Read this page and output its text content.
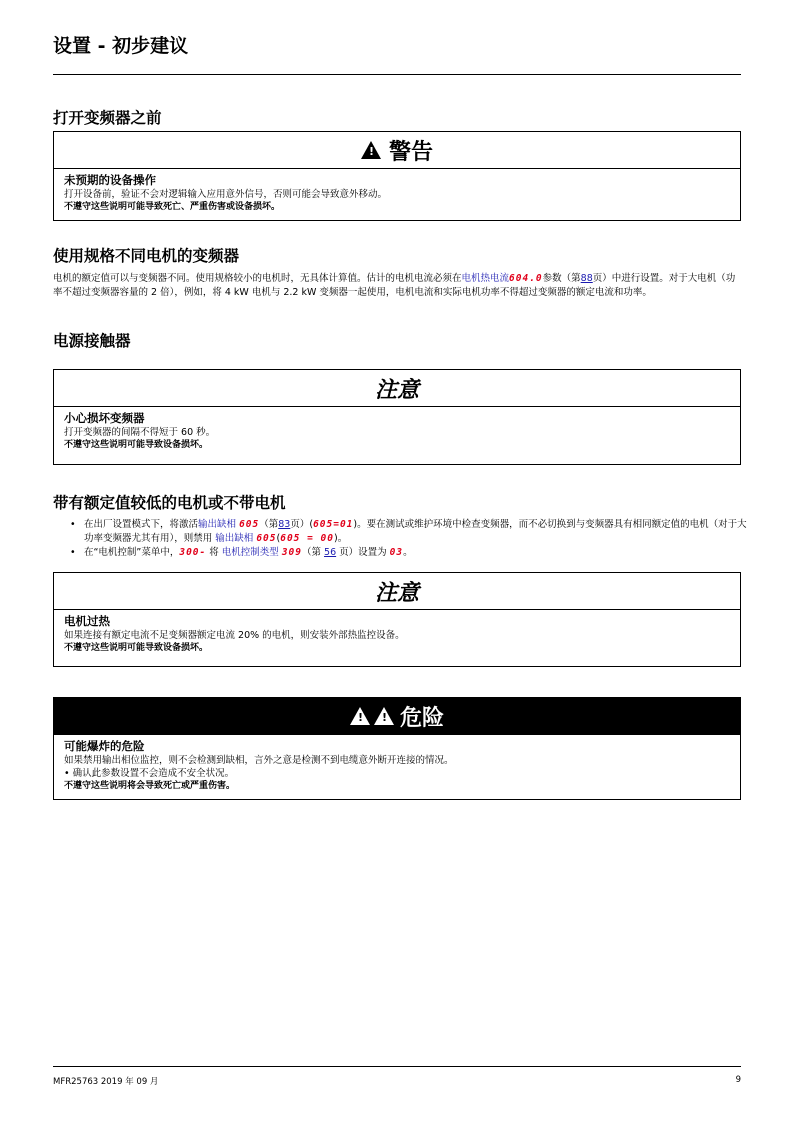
设置 - 初步建议
打开变频器之前
! 警告
未预期的设备操作
打开设备前，验证不会对逻辑输入应用意外信号，否则可能会导致意外移动。
不遵守这些说明可能导致死亡、严重伤害或设备损坏。
使用规格不同电机的变频器
电机的额定值可以与变频器不同。使用规格较小的电机时，无具体计算值。估计的电机电流必须在电机热电流604.0参数（第88页）中进行设置。对于大电机（功率不超过变频器容量的 2 倍），例如，将 4 kW 电机与 2.2 kW 变频器一起使用，电机电流和实际电机功率不得超过变频器的额定电流和功率。
电源接触器
注意
小心损坏变频器
打开变频器的间隔不得短于 60 秒。
不遵守这些说明可能导致设备损坏。
带有额定值较低的电机或不带电机
• 在出厂设置模式下，将激活输出缺相 605（第83页）(605=01)。要在测试或维护环境中检查变频器，而不必切换到与变频器具有相同额定值的电机（对于大功率变频器尤其有用），则禁用 输出缺相 605(605 = 00)。
• 在“电机控制”菜单中，300- 将 电机控制类型 309（第 56 页）设置为 03。
注意
电机过热
如果连接有额定电流不足变频器额定电流 20% 的电机，则安装外部热监控设备。
不遵守这些说明可能导致设备损坏。
! ! 危险
可能爆炸的危险
如果禁用输出相位监控，则不会检测到缺相，言外之意是检测不到电缆意外断开连接的情况。
• 确认此参数设置不会造成不安全状况。
不遵守这些说明将会导致死亡或严重伤害。
MFR25763 2019 年 09 月	9
